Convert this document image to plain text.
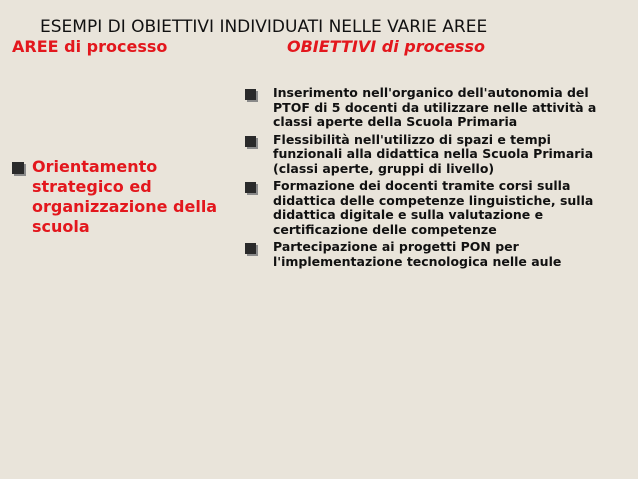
ESEMPI DI OBIETTIVI INDIVIDUATI NELLE VARIE AREE
AREE di processo	OBIETTIVI di processo
Orientamento strategico ed organizzazione della scuola
Inserimento nell'organico dell'autonomia del PTOF di 5 docenti da utilizzare nelle attività a classi aperte della Scuola Primaria
Flessibilità nell'utilizzo di spazi e tempi funzionali alla didattica nella Scuola Primaria (classi aperte, gruppi di livello)
Formazione dei docenti tramite corsi sulla didattica delle competenze linguistiche, sulla didattica digitale e sulla valutazione e certificazione delle competenze
Partecipazione ai progetti PON per l'implementazione tecnologica nelle aule
